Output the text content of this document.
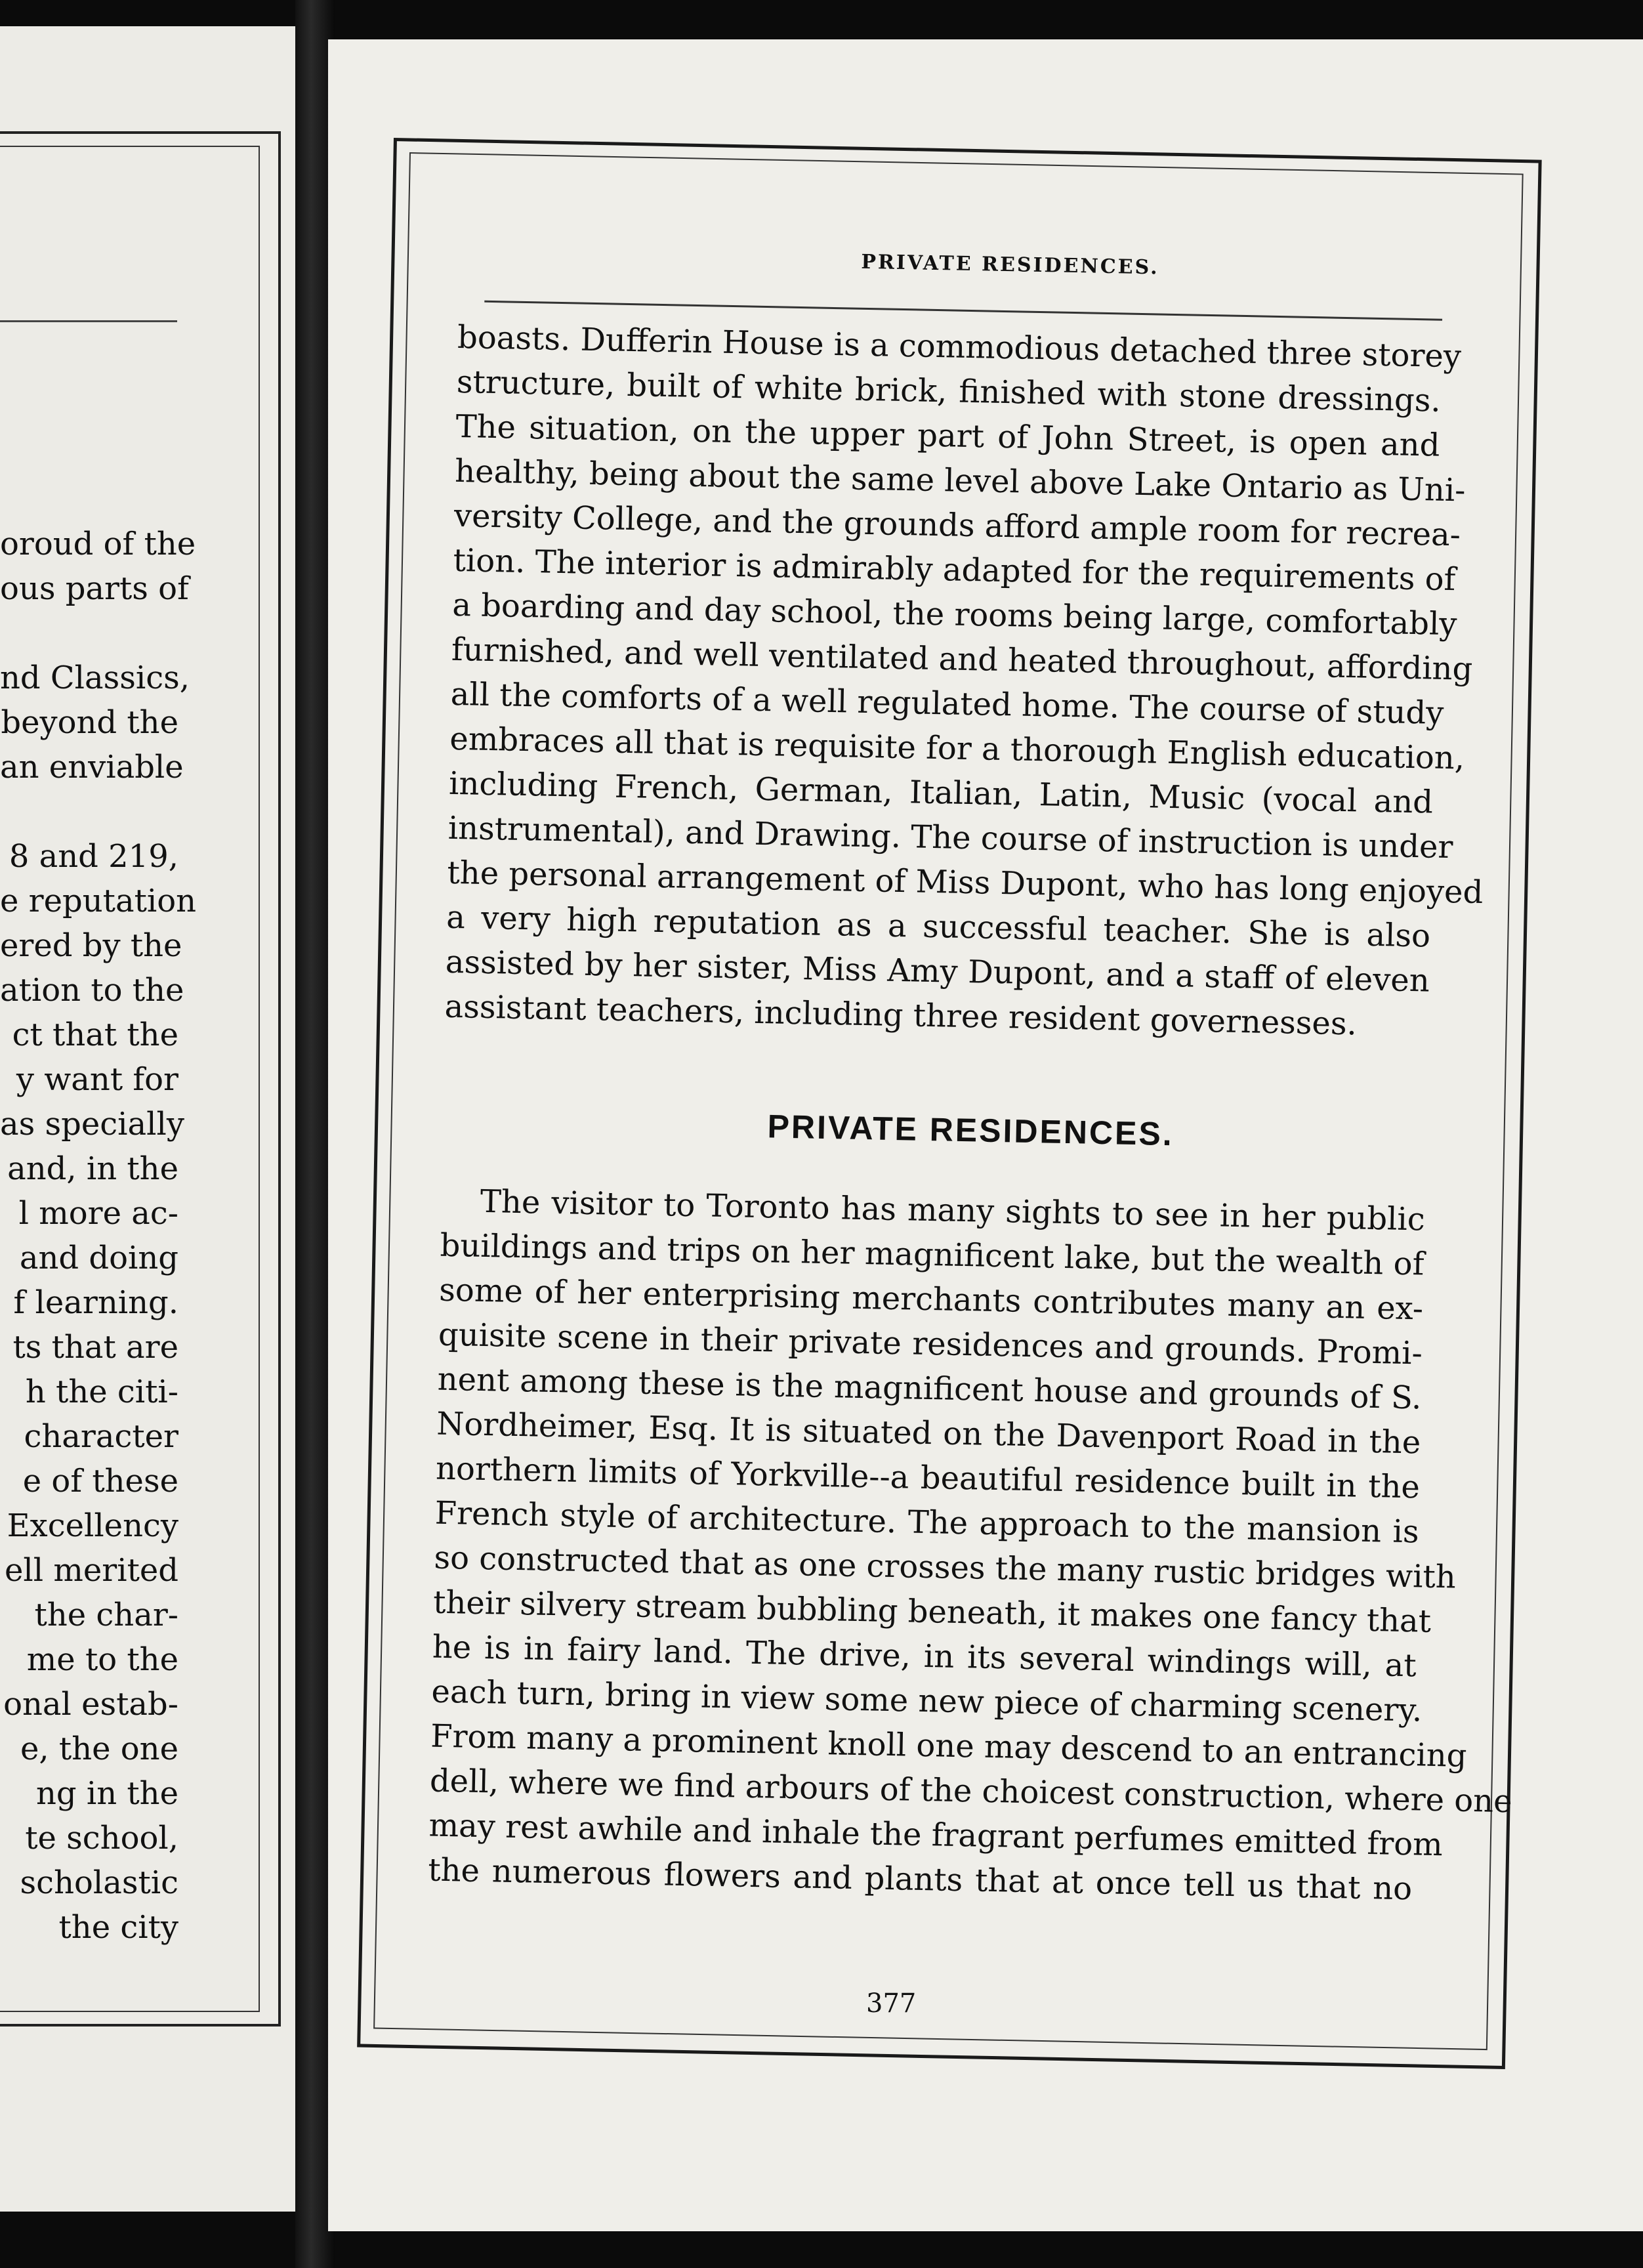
oroud of the
ous parts of

nd Classics,
beyond the
an enviable

8 and 219,
e reputation
ered by the
ation to the
ct that the
y want for
as specially
and, in the
l more ac-
and doing
f learning.
ts that are
h the citi-
character
e of these
Excellency
ell merited
the char-
me to the
onal estab-
e, the one
ng in the
te school,
scholastic
the city
PRIVATE RESIDENCES.
boasts. Dufferin House is a commodious detached three storey
structure, built of white brick, finished with stone dressings.
The situation, on the upper part of John Street, is open and
healthy, being about the same level above Lake Ontario as Uni-
versity College, and the grounds afford ample room for recrea-
tion. The interior is admirably adapted for the requirements of
a boarding and day school, the rooms being large, comfortably
furnished, and well ventilated and heated throughout, affording
all the comforts of a well regulated home. The course of study
embraces all that is requisite for a thorough English education,
including French, German, Italian, Latin, Music (vocal and
instrumental), and Drawing. The course of instruction is under
the personal arrangement of Miss Dupont, who has long enjoyed
a very high reputation as a successful teacher. She is also
assisted by her sister, Miss Amy Dupont, and a staff of eleven
assistant teachers, including three resident governesses.
PRIVATE RESIDENCES.
The visitor to Toronto has many sights to see in her public
buildings and trips on her magnificent lake, but the wealth of
some of her enterprising merchants contributes many an ex-
quisite scene in their private residences and grounds. Promi-
nent among these is the magnificent house and grounds of S.
Nordheimer, Esq. It is situated on the Davenport Road in the
northern limits of Yorkville--a beautiful residence built in the
French style of architecture. The approach to the mansion is
so constructed that as one crosses the many rustic bridges with
their silvery stream bubbling beneath, it makes one fancy that
he is in fairy land. The drive, in its several windings will, at
each turn, bring in view some new piece of charming scenery.
From many a prominent knoll one may descend to an entrancing
dell, where we find arbours of the choicest construction, where one
may rest awhile and inhale the fragrant perfumes emitted from
the numerous flowers and plants that at once tell us that no
377
